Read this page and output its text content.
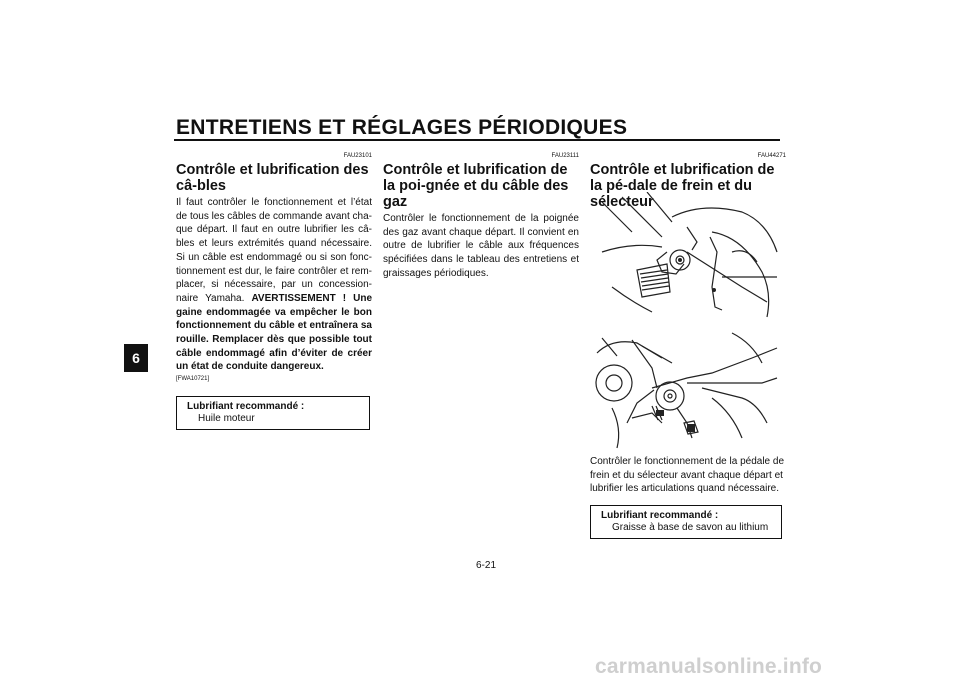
ENTRETIENS ET RÉGLAGES PÉRIODIQUES
6
FAU23101
Contrôle et lubrification des câ-bles
Il faut contrôler le fonctionnement et l’état de tous les câbles de commande avant cha-que départ. Il faut en outre lubrifier les câ-bles et leurs extrémités quand nécessaire. Si un câble est endommagé ou si son fonc-tionnement est dur, le faire contrôler et rem-placer, si nécessaire, par un concession-naire Yamaha. AVERTISSEMENT ! Une gaine endommagée va empêcher le bon fonctionnement du câble et entraînera sa rouille. Remplacer dès que possible tout câble endommagé afin d’éviter de créer un état de conduite dangereux.
[FWA10721]
Lubrifiant recommandé :
Huile moteur
FAU23111
Contrôle et lubrification de la poi-gnée et du câble des gaz
Contrôler le fonctionnement de la poignée des gaz avant chaque départ. Il convient en outre de lubrifier le câble aux fréquences spécifiées dans le tableau des entretiens et graissages périodiques.
FAU44271
Contrôle et lubrification de la pé-dale de frein et du sélecteur
Contrôler le fonctionnement de la pédale de frein et du sélecteur avant chaque départ et lubrifier les articulations quand nécessaire.
Lubrifiant recommandé :
Graisse à base de savon au lithium
6-21
carmanualsonline.info
